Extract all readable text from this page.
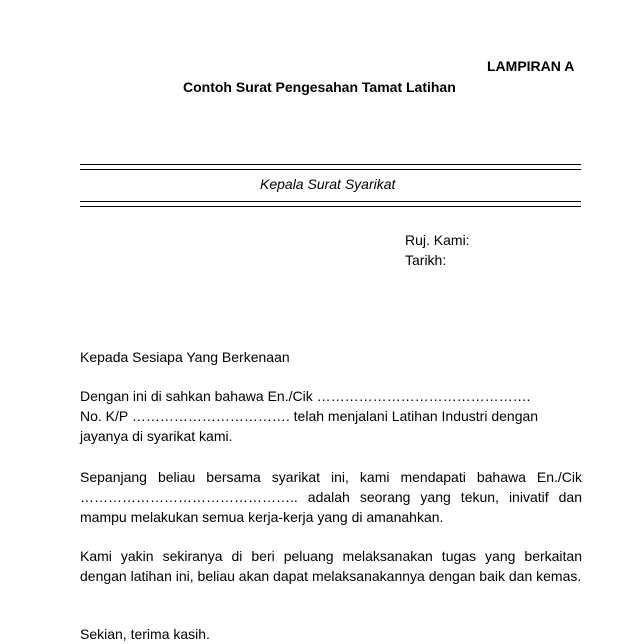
LAMPIRAN A

Contoh Surat Pengesahan Tamat Latihan

Kepala Surat Syarikat

Ruj. Kami:

Tarikh:

Kepada Sesiapa Yang Berkenaan

Dengan ini di sahkan bahawa En./Cik ……………………………………….
No. K/P ……………………………. telah menjalani Latihan Industri dengan
jayanya di syarikat kami.

Sepanjang beliau bersama syarikat ini, kami mendapati bahawa En./Cik ……………………………………….. adalah seorang yang tekun, inivatif dan mampu melakukan semua kerja-kerja yang di amanahkan.

Kami yakin sekiranya di beri peluang melaksanakan tugas yang berkaitan dengan latihan ini, beliau akan dapat melaksanakannya dengan baik dan kemas.

Sekian, terima kasih.
